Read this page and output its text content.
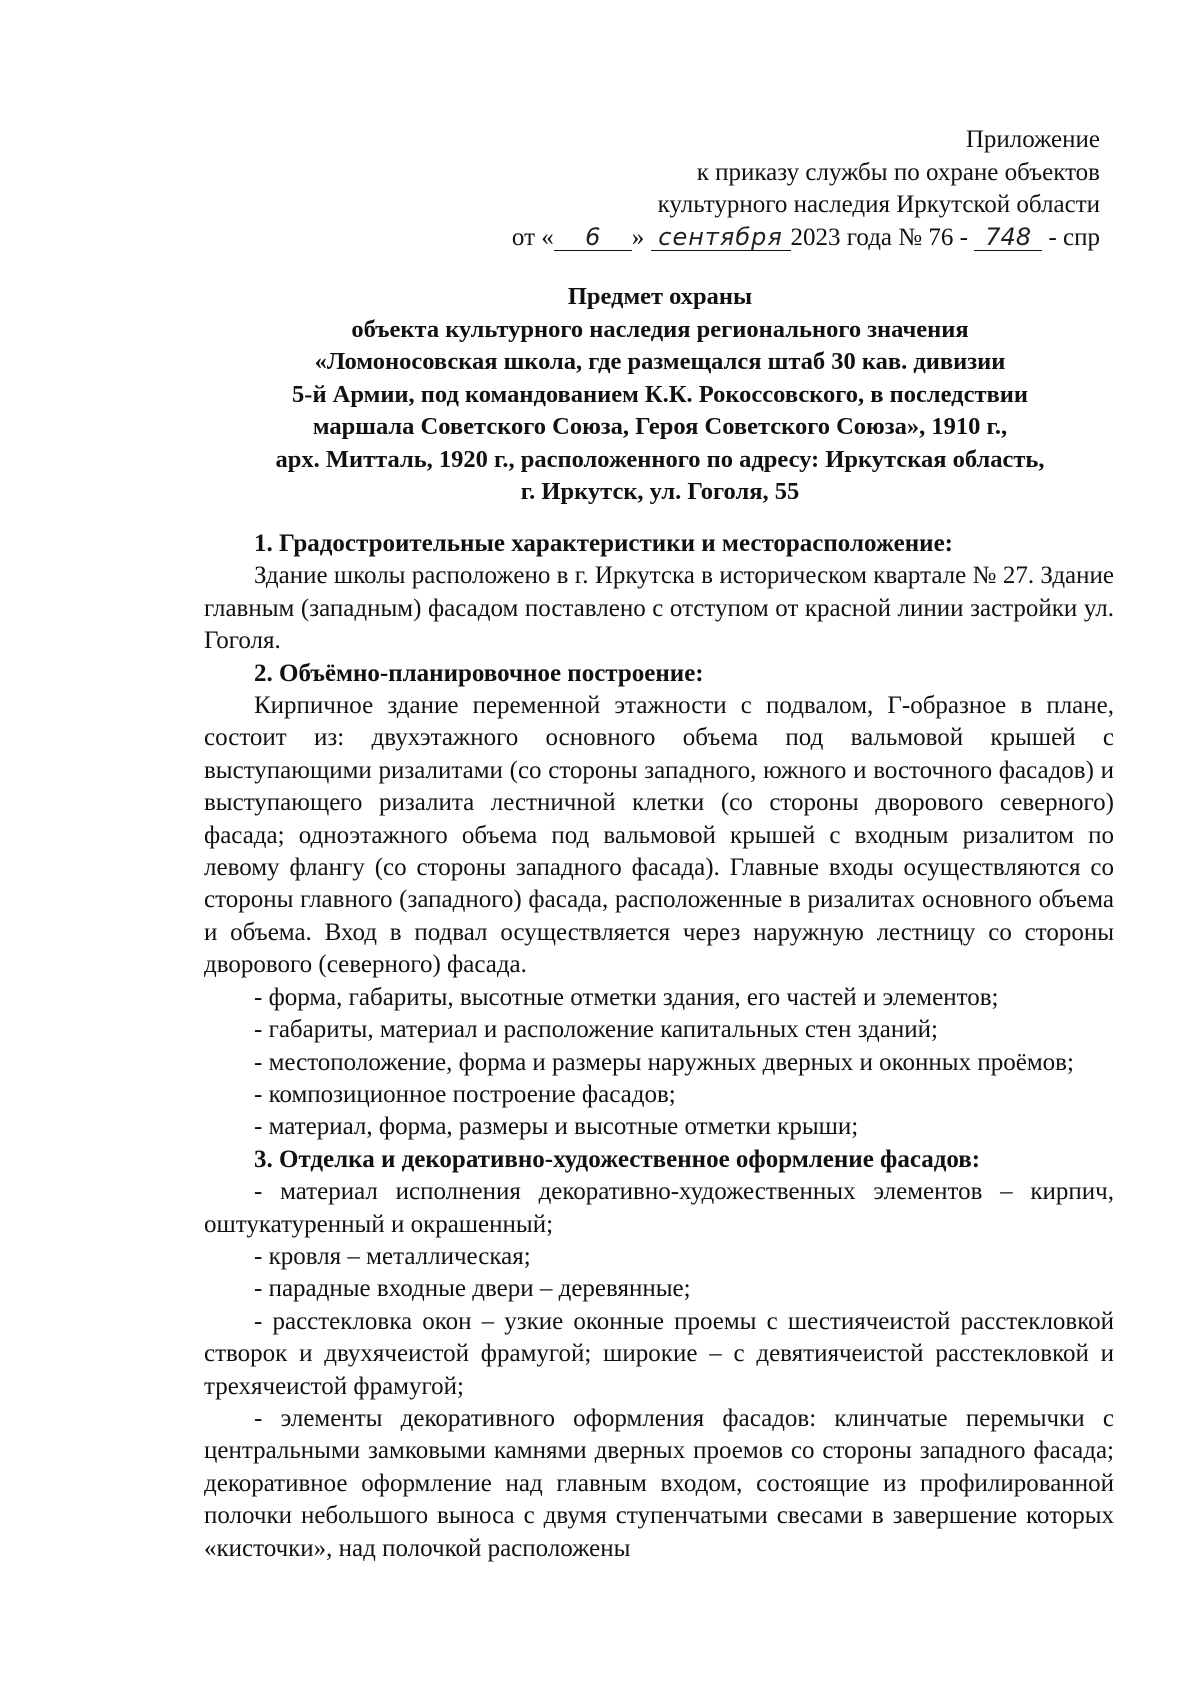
Приложение
к приказу службы по охране объектов
культурного наследия Иркутской области
от « 6 » сентября 2023 года № 76 - 748 - спр
Предмет охраны
объекта культурного наследия регионального значения
«Ломоносовская школа, где размещался штаб 30 кав. дивизии
5-й Армии, под командованием К.К. Рокоссовского, в последствии
маршала Советского Союза, Героя Советского Союза», 1910 г.,
арх. Митталь, 1920 г., расположенного по адресу: Иркутская область,
г. Иркутск, ул. Гоголя, 55

1. Градостроительные характеристики и месторасположение:

Здание школы расположено в г. Иркутска в историческом квартале № 27. Здание главным (западным) фасадом поставлено с отступом от красной линии застройки ул. Гоголя.

2. Объёмно-планировочное построение:

Кирпичное здание переменной этажности с подвалом, Г-образное в плане, состоит из: двухэтажного основного объема под вальмовой крышей с выступающими ризалитами (со стороны западного, южного и восточного фасадов) и выступающего ризалита лестничной клетки (со стороны дворового северного) фасада; одноэтажного объема под вальмовой крышей с входным ризалитом по левому флангу (со стороны западного фасада). Главные входы осуществляются со стороны главного (западного) фасада, расположенные в ризалитах основного объема и объема. Вход в подвал осуществляется через наружную лестницу со стороны дворового (северного) фасада.

- форма, габариты, высотные отметки здания, его частей и элементов;

- габариты, материал и расположение капитальных стен зданий;

- местоположение, форма и размеры наружных дверных и оконных проёмов;

- композиционное построение фасадов;

- материал, форма, размеры и высотные отметки крыши;

3. Отделка и декоративно-художественное оформление фасадов:

- материал исполнения декоративно-художественных элементов – кирпич, оштукатуренный и окрашенный;

- кровля – металлическая;

- парадные входные двери – деревянные;

- расстекловка окон – узкие оконные проемы с шестиячеистой расстекловкой створок и двухячеистой фрамугой; широкие – с девятиячеистой расстекловкой и трехячеистой фрамугой;

- элементы декоративного оформления фасадов: клинчатые перемычки с центральными замковыми камнями дверных проемов со стороны западного фасада; декоративное оформление над главным входом, состоящие из профилированной полочки небольшого выноса с двумя ступенчатыми свесами в завершение которых «кисточки», над полочкой расположены
